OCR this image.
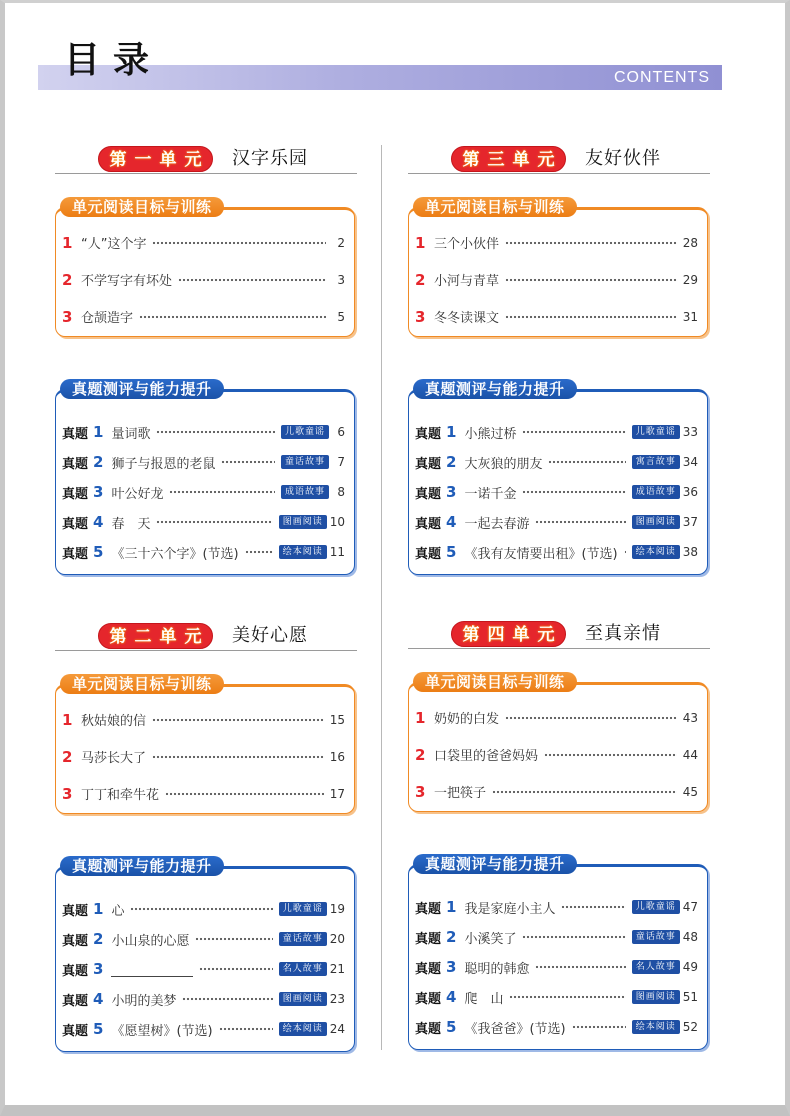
CONTENTS
目录
第一单元 汉字乐园
单元阅读目标与训练
1 “人”这个字	2
2 不学写字有坏处	3
3 仓颉造字	5
真题测评与能力提升
真题 1 量词歌	儿歌童谣	6
真题 2 狮子与报恩的老鼠	童话故事	7
真题 3 叶公好龙	成语故事	8
真题 4 春　天	图画阅读 10
真题 5 《三十六个字》(节选)	绘本阅读 11
第二单元 美好心愿
单元阅读目标与训练
1 秋姑娘的信	15
2 马莎长大了	16
3 丁丁和牵牛花	17
真题测评与能力提升
真题 1 心	儿歌童谣 19
真题 2 小山泉的心愿	童话故事 20
真题 3	名人故事 21
真题 4 小明的美梦	图画阅读 23
真题 5 《愿望树》(节选)	绘本阅读 24
第三单元 友好伙伴
单元阅读目标与训练
1 三个小伙伴	28
2 小河与青草	29
3 冬冬读课文	31
真题测评与能力提升
真题 1 小熊过桥	儿歌童谣 33
真题 2 大灰狼的朋友	寓言故事 34
真题 3 一诺千金	成语故事 36
真题 4 一起去春游	图画阅读 37
真题 5 《我有友情要出租》(节选)	绘本阅读 38
第四单元 至真亲情
单元阅读目标与训练
1 奶奶的白发	43
2 口袋里的爸爸妈妈	44
3 一把筷子	45
真题测评与能力提升
真题 1 我是家庭小主人	儿歌童谣 47
真题 2 小溪笑了	童话故事 48
真题 3 聪明的韩愈	名人故事 49
真题 4 爬　山	图画阅读 51
真题 5 《我爸爸》(节选)	绘本阅读 52
